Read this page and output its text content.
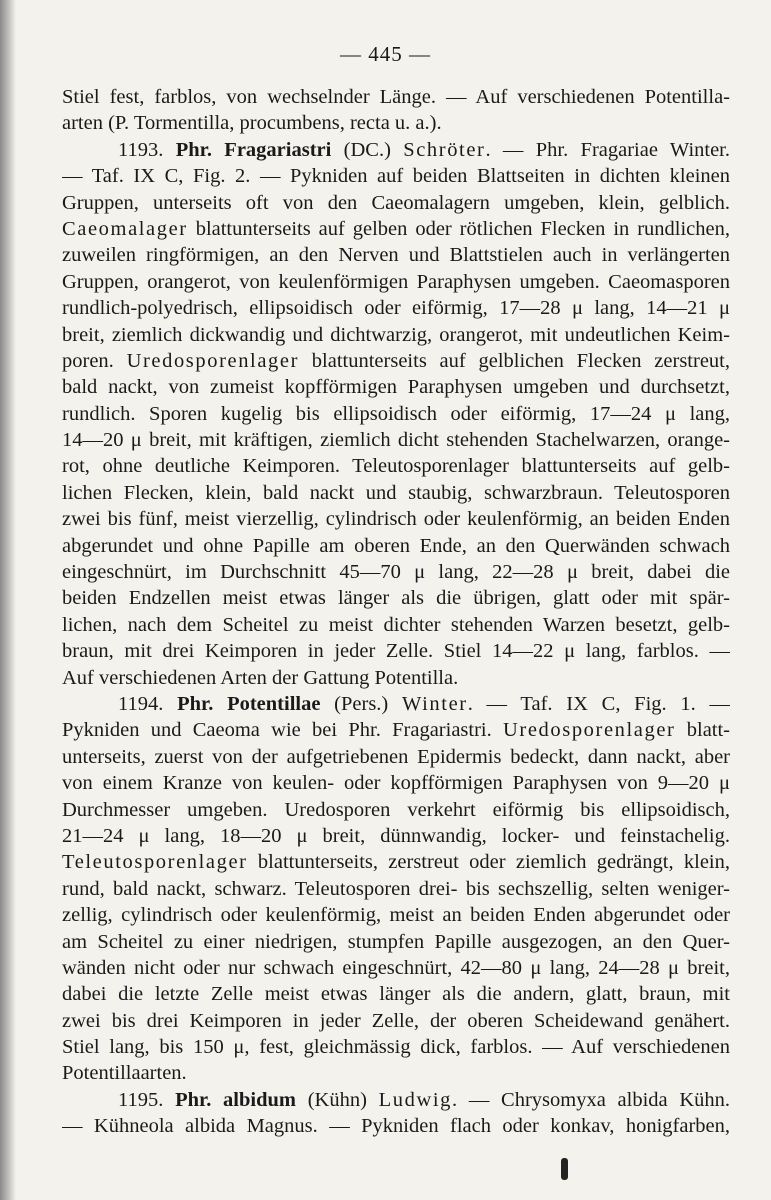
— 445 —
Stiel fest, farblos, von wechselnder Länge. — Auf verschiedenen Potentilla-
arten (P. Tormentilla, procumbens, recta u. a.).
1193. Phr. Fragariastri (DC.) Schröter. — Phr. Fragariae Winter.
— Taf. IX C, Fig. 2. — Pykniden auf beiden Blattseiten in dichten kleinen
Gruppen, unterseits oft von den Caeomalagern umgeben, klein, gelblich.
Caeomalager blattunterseits auf gelben oder rötlichen Flecken in rundlichen,
zuweilen ringförmigen, an den Nerven und Blattstielen auch in verlängerten
Gruppen, orangerot, von keulenförmigen Paraphysen umgeben. Caeomasporen
rundlich-polyedrisch, ellipsoidisch oder eiförmig, 17—28 μ lang, 14—21 μ
breit, ziemlich dickwandig und dichtwarzig, orangerot, mit undeutlichen Keim-
poren. Uredosporenlager blattunterseits auf gelblichen Flecken zerstreut,
bald nackt, von zumeist kopfförmigen Paraphysen umgeben und durchsetzt,
rundlich. Sporen kugelig bis ellipsoidisch oder eiförmig, 17—24 μ lang,
14—20 μ breit, mit kräftigen, ziemlich dicht stehenden Stachelwarzen, orange-
rot, ohne deutliche Keimporen. Teleutosporenlager blattunterseits auf gelb-
lichen Flecken, klein, bald nackt und staubig, schwarzbraun. Teleutosporen
zwei bis fünf, meist vierzellig, cylindrisch oder keulenförmig, an beiden Enden
abgerundet und ohne Papille am oberen Ende, an den Querwänden schwach
eingeschnürt, im Durchschnitt 45—70 μ lang, 22—28 μ breit, dabei die
beiden Endzellen meist etwas länger als die übrigen, glatt oder mit spär-
lichen, nach dem Scheitel zu meist dichter stehenden Warzen besetzt, gelb-
braun, mit drei Keimporen in jeder Zelle. Stiel 14—22 μ lang, farblos. —
Auf verschiedenen Arten der Gattung Potentilla.
1194. Phr. Potentillae (Pers.) Winter. — Taf. IX C, Fig. 1. —
Pykniden und Caeoma wie bei Phr. Fragariastri. Uredosporenlager blatt-
unterseits, zuerst von der aufgetriebenen Epidermis bedeckt, dann nackt, aber
von einem Kranze von keulen- oder kopfförmigen Paraphysen von 9—20 μ
Durchmesser umgeben. Uredosporen verkehrt eiförmig bis ellipsoidisch,
21—24 μ lang, 18—20 μ breit, dünnwandig, locker- und feinstachelig.
Teleutosporenlager blattunterseits, zerstreut oder ziemlich gedrängt, klein,
rund, bald nackt, schwarz. Teleutosporen drei- bis sechszellig, selten weniger-
zellig, cylindrisch oder keulenförmig, meist an beiden Enden abgerundet oder
am Scheitel zu einer niedrigen, stumpfen Papille ausgezogen, an den Quer-
wänden nicht oder nur schwach eingeschnürt, 42—80 μ lang, 24—28 μ breit,
dabei die letzte Zelle meist etwas länger als die andern, glatt, braun, mit
zwei bis drei Keimporen in jeder Zelle, der oberen Scheidewand genähert.
Stiel lang, bis 150 μ, fest, gleichmässig dick, farblos. — Auf verschiedenen
Potentillaarten.
1195. Phr. albidum (Kühn) Ludwig. — Chrysomyxa albida Kühn.
— Kühneola albida Magnus. — Pykniden flach oder konkav, honigfarben,
